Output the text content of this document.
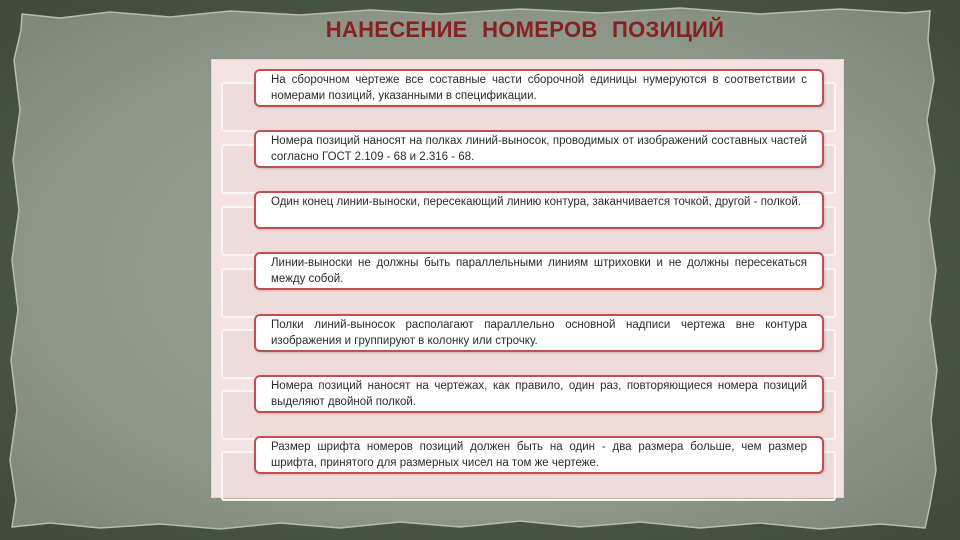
НАНЕСЕНИЕ НОМЕРОВ ПОЗИЦИЙ
На сборочном чертеже все составные части сборочной единицы нумеруются в соответствии с номерами позиций, указанными в спецификации.
Номера позиций наносят на полках линий-выносок, проводимых от изображений составных частей согласно ГОСТ 2.109 - 68 и 2.316 - 68.
Один конец линии-выноски, пересекающий линию контура, заканчивается точкой, другой - полкой.
Линии-выноски не должны быть параллельными линиям штриховки и не должны пересекаться между собой.
Полки линий-выносок располагают параллельно основной надписи чертежа вне контура изображения и группируют в колонку или строчку.
Номера позиций наносят на чертежах, как правило, один раз, повторяющиеся номера позиций выделяют двойной полкой.
Размер шрифта номеров позиций должен быть на один - два размера больше, чем размер шрифта, принятого для размерных чисел на том же чертеже.
